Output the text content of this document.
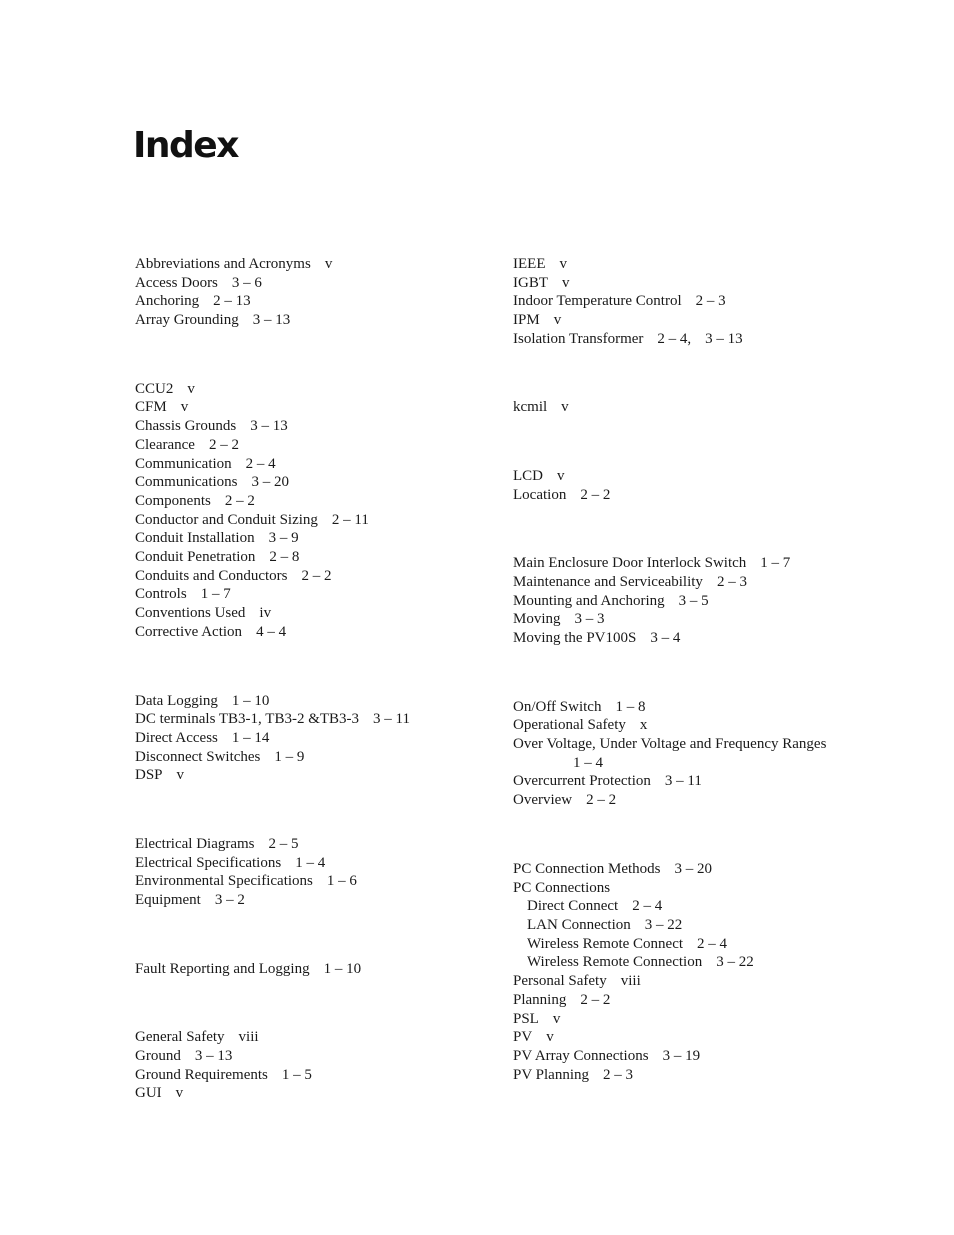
Index
Abbreviations and Acronyms v
Access Doors 3 – 6
Anchoring 2 – 13
Array Grounding 3 – 13
CCU2 v
CFM v
Chassis Grounds 3 – 13
Clearance 2 – 2
Communication 2 – 4
Communications 3 – 20
Components 2 – 2
Conductor and Conduit Sizing 2 – 11
Conduit Installation 3 – 9
Conduit Penetration 2 – 8
Conduits and Conductors 2 – 2
Controls 1 – 7
Conventions Used iv
Corrective Action 4 – 4
Data Logging 1 – 10
DC terminals TB3-1, TB3-2 &TB3-3 3 – 11
Direct Access 1 – 14
Disconnect Switches 1 – 9
DSP v
Electrical Diagrams 2 – 5
Electrical Specifications 1 – 4
Environmental Specifications 1 – 6
Equipment 3 – 2
Fault Reporting and Logging 1 – 10
General Safety viii
Ground 3 – 13
Ground Requirements 1 – 5
GUI v
IEEE v
IGBT v
Indoor Temperature Control 2 – 3
IPM v
Isolation Transformer 2 – 4, 3 – 13
kcmil v
LCD v
Location 2 – 2
Main Enclosure Door Interlock Switch 1 – 7
Maintenance and Serviceability 2 – 3
Mounting and Anchoring 3 – 5
Moving 3 – 3
Moving the PV100S 3 – 4
On/Off Switch 1 – 8
Operational Safety x
Over Voltage, Under Voltage and Frequency Ranges
1 – 4
Overcurrent Protection 3 – 11
Overview 2 – 2
PC Connection Methods 3 – 20
PC Connections
Direct Connect 2 – 4
LAN Connection 3 – 22
Wireless Remote Connect 2 – 4
Wireless Remote Connection 3 – 22
Personal Safety viii
Planning 2 – 2
PSL v
PV v
PV Array Connections 3 – 19
PV Planning 2 – 3
